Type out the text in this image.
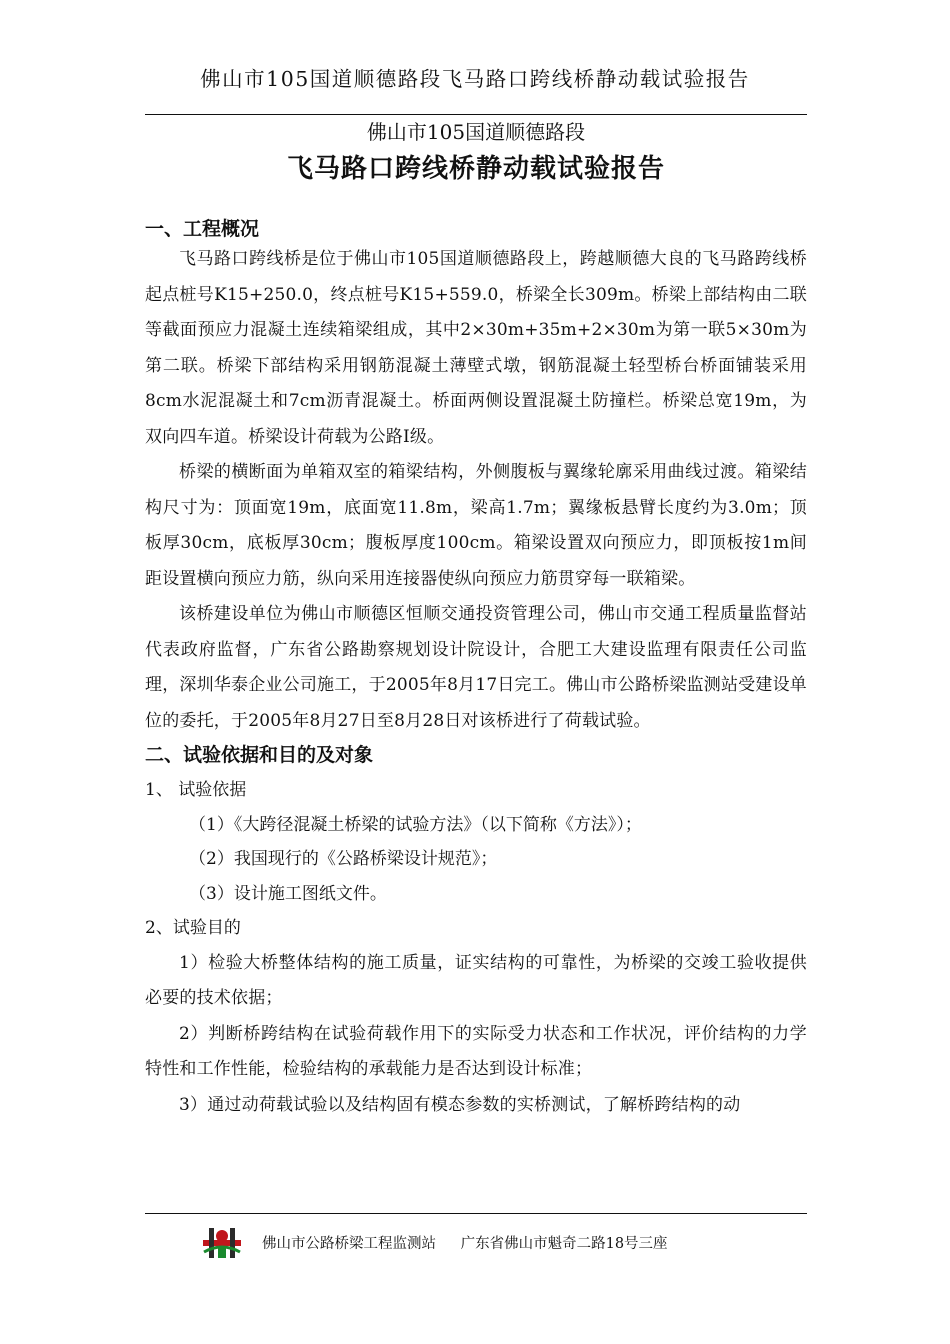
佛山市105国道顺德路段飞马路口跨线桥静动载试验报告
佛山市105国道顺德路段
飞马路口跨线桥静动载试验报告
一、工程概况

飞马路口跨线桥是位于佛山市105国道顺德路段上，跨越顺德大良的飞马路跨线桥起点桩号K15+250.0，终点桩号K15+559.0，桥梁全长309m。桥梁上部结构由二联等截面预应力混凝土连续箱梁组成，其中2×30m+35m+2×30m为第一联5×30m为第二联。桥梁下部结构采用钢筋混凝土薄壁式墩，钢筋混凝土轻型桥台桥面铺装采用8cm水泥混凝土和7cm沥青混凝土。桥面两侧设置混凝土防撞栏。桥梁总宽19m，为双向四车道。桥梁设计荷载为公路I级。

桥梁的横断面为单箱双室的箱梁结构，外侧腹板与翼缘轮廓采用曲线过渡。箱梁结构尺寸为：顶面宽19m，底面宽11.8m，梁高1.7m；翼缘板悬臂长度约为3.0m；顶板厚30cm，底板厚30cm；腹板厚度100cm。箱梁设置双向预应力，即顶板按1m间距设置横向预应力筋，纵向采用连接器使纵向预应力筋贯穿每一联箱梁。

该桥建设单位为佛山市顺德区恒顺交通投资管理公司，佛山市交通工程质量监督站代表政府监督，广东省公路勘察规划设计院设计，合肥工大建设监理有限责任公司监理，深圳华泰企业公司施工，于2005年8月17日完工。佛山市公路桥梁监测站受建设单位的委托，于2005年8月27日至8月28日对该桥进行了荷载试验。

二、试验依据和目的及对象
1、 试验依据
（1）《大跨径混凝土桥梁的试验方法》（以下简称《方法》）；
（2）我国现行的《公路桥梁设计规范》；
（3）设计施工图纸文件。
2、试验目的

1）检验大桥整体结构的施工质量，证实结构的可靠性，为桥梁的交竣工验收提供必要的技术依据；

2）判断桥跨结构在试验荷载作用下的实际受力状态和工作状况，评价结构的力学特性和工作性能，检验结构的承载能力是否达到设计标准；

3）通过动荷载试验以及结构固有模态参数的实桥测试，了解桥跨结构的动

佛山市公路桥梁工程监测站 广东省佛山市魁奇二路18号三座
